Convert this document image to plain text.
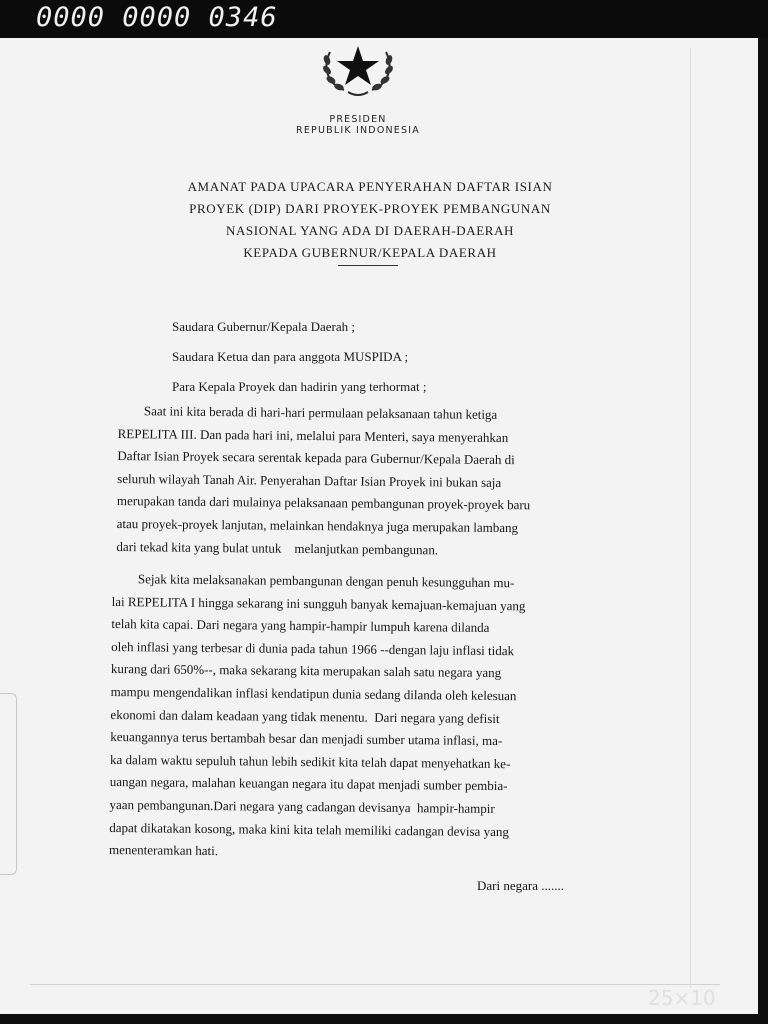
0000 0000 0346
25×10
PRESIDEN
REPUBLIK INDONESIA
AMANAT PADA UPACARA PENYERAHAN DAFTAR ISIAN
PROYEK (DIP) DARI PROYEK-PROYEK PEMBANGUNAN
NASIONAL YANG ADA DI DAERAH-DAERAH
KEPADA GUBERNUR/KEPALA DAERAH
Saudara Gubernur/Kepala Daerah ;
Saudara Ketua dan para anggota MUSPIDA ;
Para Kepala Proyek dan hadirin yang terhormat ;
Saat ini kita berada di hari-hari permulaan pelaksanaan tahun ketiga
REPELITA III. Dan pada hari ini, melalui para Menteri, saya menyerahkan
Daftar Isian Proyek secara serentak kepada para Gubernur/Kepala Daerah di
seluruh wilayah Tanah Air. Penyerahan Daftar Isian Proyek ini bukan saja
merupakan tanda dari mulainya pelaksanaan pembangunan proyek-proyek baru
atau proyek-proyek lanjutan, melainkan hendaknya juga merupakan lambang
dari tekad kita yang bulat untuk    melanjutkan pembangunan.
Sejak kita melaksanakan pembangunan dengan penuh kesungguhan mu-
lai REPELITA I hingga sekarang ini sungguh banyak kemajuan-kemajuan yang
telah kita capai. Dari negara yang hampir-hampir lumpuh karena dilanda
oleh inflasi yang terbesar di dunia pada tahun 1966 --dengan laju inflasi tidak
kurang dari 650%--, maka sekarang kita merupakan salah satu negara yang
mampu mengendalikan inflasi kendatipun dunia sedang dilanda oleh kelesuan
ekonomi dan dalam keadaan yang tidak menentu.  Dari negara yang defisit
keuangannya terus bertambah besar dan menjadi sumber utama inflasi, ma-
ka dalam waktu sepuluh tahun lebih sedikit kita telah dapat menyehatkan ke-
uangan negara, malahan keuangan negara itu dapat menjadi sumber pembia-
yaan pembangunan.Dari negara yang cadangan devisanya  hampir-hampir
dapat dikatakan kosong, maka kini kita telah memiliki cadangan devisa yang
menenteramkan hati.
Dari negara .......
